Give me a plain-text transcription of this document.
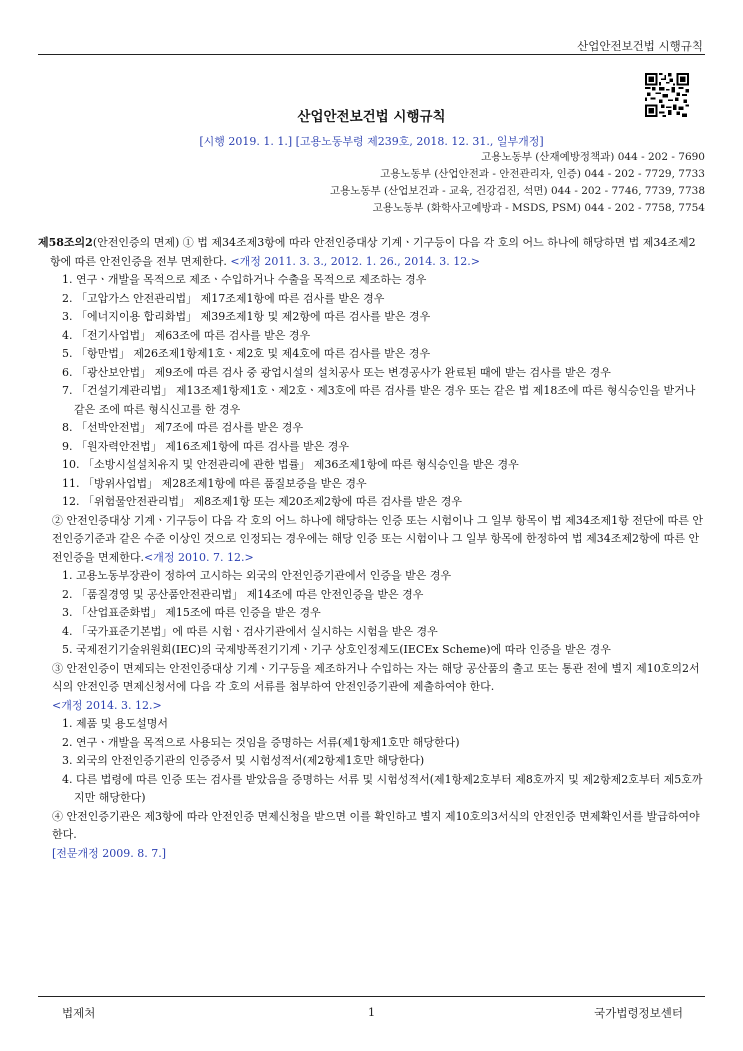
산업안전보건법 시행규칙
산업안전보건법 시행규칙
[시행 2019. 1. 1.] [고용노동부령 제239호, 2018. 12. 31., 일부개정]
고용노동부 (산재예방정책과) 044 - 202 - 7690
고용노동부 (산업안전과 - 안전관리자, 인증) 044 - 202 - 7729, 7733
고용노동부 (산업보건과 - 교육, 건강검진, 석면) 044 - 202 - 7746, 7739, 7738
고용노동부 (화학사고예방과 - MSDS, PSM) 044 - 202 - 7758, 7754
제58조의2(안전인증의 면제) ① 법 제34조제3항에 따라 안전인증대상 기계ㆍ기구등이 다음 각 호의 어느 하나에 해당하면 법 제34조제2항에 따른 안전인증을 전부 면제한다. <개정 2011. 3. 3., 2012. 1. 26., 2014. 3. 12.>
1. 연구ㆍ개발을 목적으로 제조ㆍ수입하거나 수출을 목적으로 제조하는 경우
2. 「고압가스 안전관리법」 제17조제1항에 따른 검사를 받은 경우
3. 「에너지이용 합리화법」 제39조제1항 및 제2항에 따른 검사를 받은 경우
4. 「전기사업법」 제63조에 따른 검사를 받은 경우
5. 「항만법」 제26조제1항제1호ㆍ제2호 및 제4호에 따른 검사를 받은 경우
6. 「광산보안법」 제9조에 따른 검사 중 광업시설의 설치공사 또는 변경공사가 완료된 때에 받는 검사를 받은 경우
7. 「건설기계관리법」 제13조제1항제1호ㆍ제2호ㆍ제3호에 따른 검사를 받은 경우 또는 같은 법 제18조에 따른 형식승인을 받거나 같은 조에 따른 형식신고를 한 경우
8. 「선박안전법」 제7조에 따른 검사를 받은 경우
9. 「원자력안전법」 제16조제1항에 따른 검사를 받은 경우
10. 「소방시설설치유지 및 안전관리에 관한 법률」 제36조제1항에 따른 형식승인을 받은 경우
11. 「방위사업법」 제28조제1항에 따른 품질보증을 받은 경우
12. 「위험물안전관리법」 제8조제1항 또는 제20조제2항에 따른 검사를 받은 경우
② 안전인증대상 기계ㆍ기구등이 다음 각 호의 어느 하나에 해당하는 인증 또는 시험이나 그 일부 항목이 법 제34조제1항 전단에 따른 안전인증기준과 같은 수준 이상인 것으로 인정되는 경우에는 해당 인증 또는 시험이나 그 일부 항목에 한정하여 법 제34조제2항에 따른 안전인증을 면제한다.<개정 2010. 7. 12.>
1. 고용노동부장관이 정하여 고시하는 외국의 안전인증기관에서 인증을 받은 경우
2. 「품질경영 및 공산품안전관리법」 제14조에 따른 안전인증을 받은 경우
3. 「산업표준화법」 제15조에 따른 인증을 받은 경우
4. 「국가표준기본법」에 따른 시험ㆍ검사기관에서 실시하는 시험을 받은 경우
5. 국제전기기술위원회(IEC)의 국제방폭전기기계ㆍ기구 상호인정제도(IECEx Scheme)에 따라 인증을 받은 경우
③ 안전인증이 면제되는 안전인증대상 기계ㆍ기구등을 제조하거나 수입하는 자는 해당 공산품의 출고 또는 통관 전에 별지 제10호의2서식의 안전인증 면제신청서에 다음 각 호의 서류를 첨부하여 안전인증기관에 제출하여야 한다.
<개정 2014. 3. 12.>
1. 제품 및 용도설명서
2. 연구ㆍ개발을 목적으로 사용되는 것임을 증명하는 서류(제1항제1호만 해당한다)
3. 외국의 안전인증기관의 인증증서 및 시험성적서(제2항제1호만 해당한다)
4. 다른 법령에 따른 인증 또는 검사를 받았음을 증명하는 서류 및 시험성적서(제1항제2호부터 제8호까지 및 제2항제2호부터 제5호까지만 해당한다)
④ 안전인증기관은 제3항에 따라 안전인증 면제신청을 받으면 이를 확인하고 별지 제10호의3서식의 안전인증 면제확인서를 발급하여야 한다.
[전문개정 2009. 8. 7.]
법제처	1	국가법령정보센터
